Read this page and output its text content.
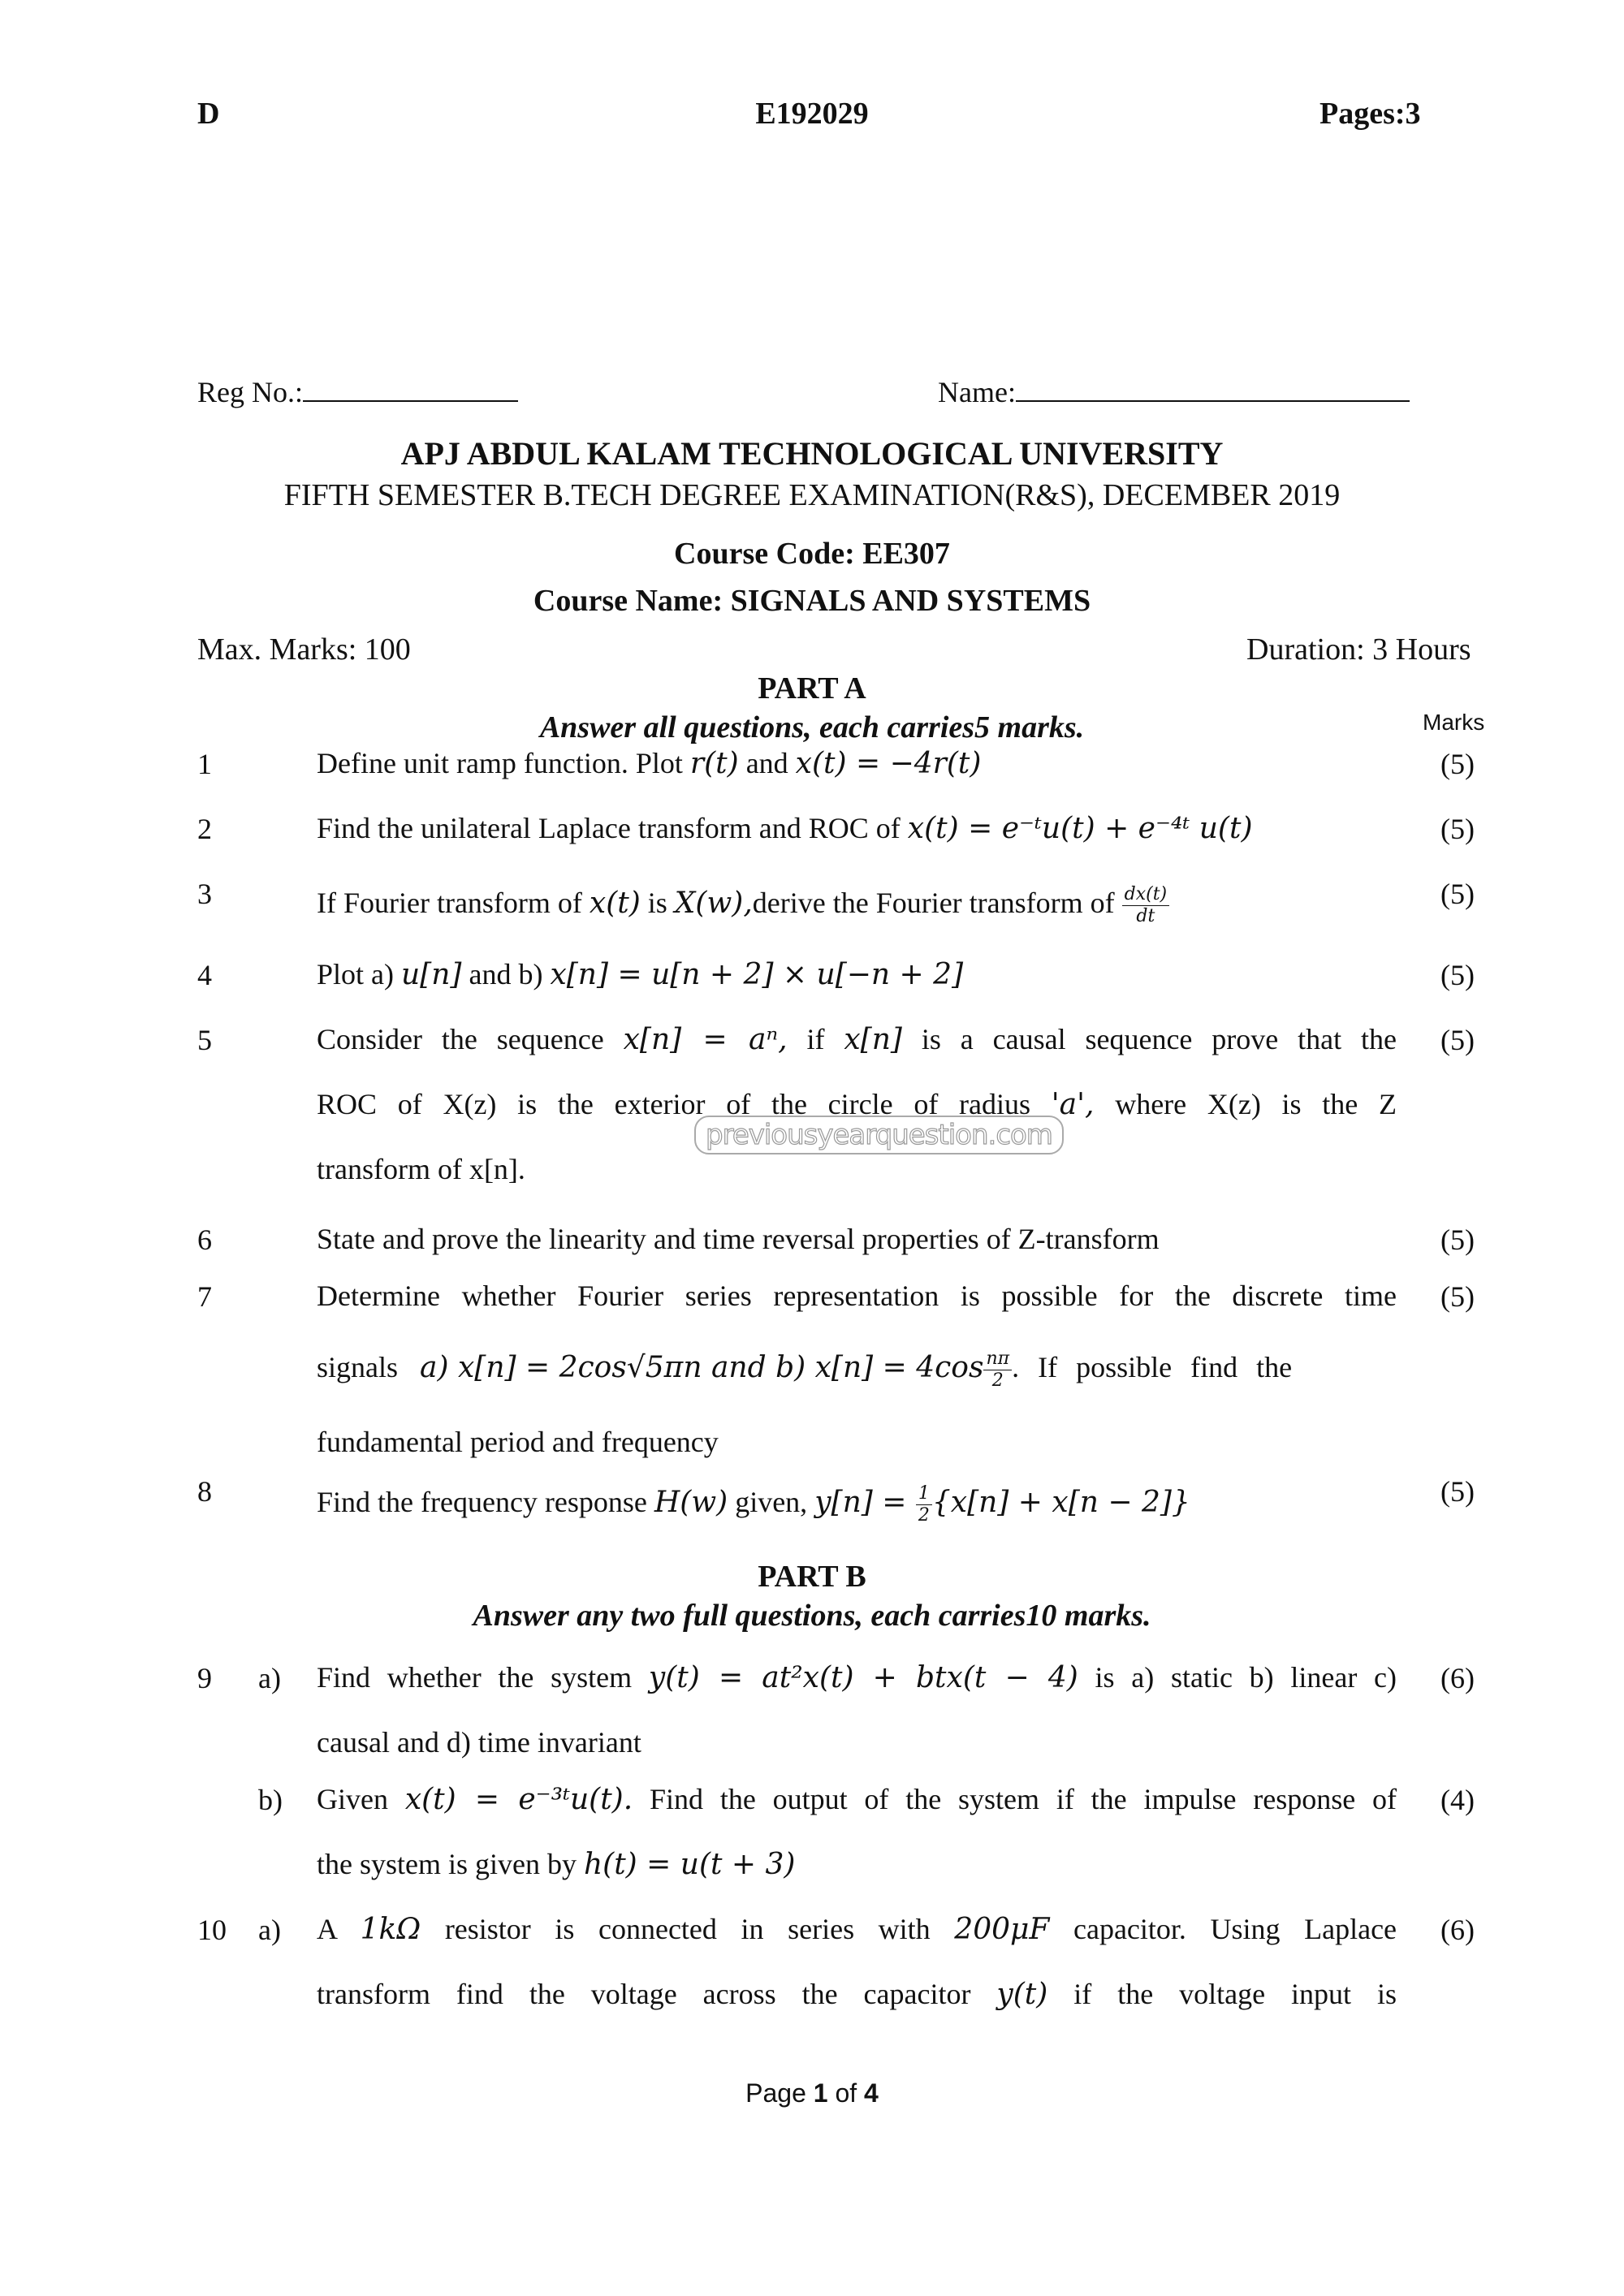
D	E192029	Pages:3
Reg No.:	Name:
APJ ABDUL KALAM TECHNOLOGICAL UNIVERSITY
FIFTH SEMESTER B.TECH DEGREE EXAMINATION(R&S), DECEMBER 2019
Course Code: EE307
Course Name: SIGNALS AND SYSTEMS
Max. Marks: 100	Duration: 3 Hours
PART A
Answer all questions, each carries5 marks.	Marks
1	Define unit ramp function. Plot r(t) and x(t) = −4r(t)	(5)
2	Find the unilateral Laplace transform and ROC of x(t) = e⁻ᵗu(t) + e⁻⁴ᵗ u(t)	(5)
3	If Fourier transform of x(t) is X(w),derive the Fourier transform of $\frac{dx(t)}{dt}$	(5)
4	Plot a) u[n] and b) x[n] = u[n + 2] × u[−n + 2]	(5)
5	Consider the sequence x[n] = aⁿ, if x[n] is a causal sequence prove that the
ROC of X(z) is the exterior of the circle of radius 'a', where X(z) is the Z
transform of x[n].
(5)
previousyearquestion.com
6	State and prove the linearity and time reversal properties of Z-transform	(5)
7	Determine whether Fourier series representation is possible for the discrete time
signals a) x[n] = 2cos√5πn and b) $x[n] = 4\cos \frac{n\pi}{2}$ . If possible find the
fundamental period and frequency
(5)
8	Find the frequency response H(w) given, $y[n] = \frac{1}{2} \{x[n] + x[n - 2]\}$	(5)
PART B
Answer any two full questions, each carries10 marks.
9 a) Find whether the system y(t) = at²x(t) + btx(t − 4) is a) static b) linear c)
causal and d) time invariant
(6)
b) Given x(t) = e⁻³ᵗu(t). Find the output of the system if the impulse response of
the system is given by h(t) = u(t + 3)
(4)
10 a) A 1kΩ resistor is connected in series with 200μF capacitor. Using Laplace
transform find the voltage across the capacitor y(t) if the voltage input is
(6)
Page 1 of 4
